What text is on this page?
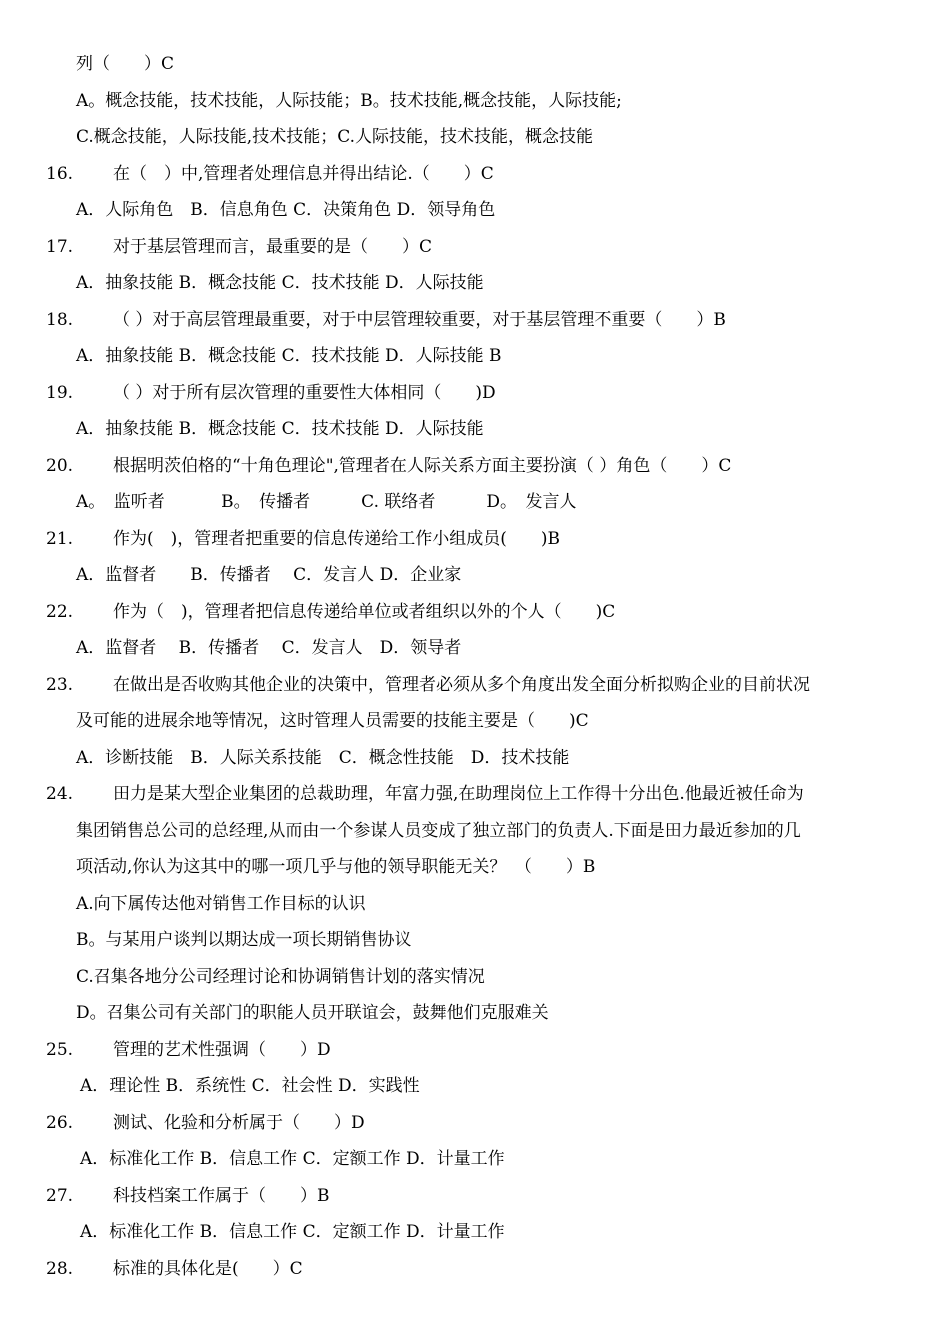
列（　　）C
A。概念技能，技术技能，人际技能；B。技术技能,概念技能，人际技能;
C.概念技能，人际技能,技术技能；C.人际技能，技术技能，概念技能
16. 在（　）中,管理者处理信息并得出结论.（　　）C
A．人际角色　B．信息角色 C．决策角色 D．领导角色
17. 对于基层管理而言，最重要的是（　　）C
A．抽象技能 B．概念技能 C．技术技能 D．人际技能
18. （ ）对于高层管理最重要，对于中层管理较重要，对于基层管理不重要（　　）B
A．抽象技能 B．概念技能 C．技术技能 D．人际技能 B
19. （ ）对于所有层次管理的重要性大体相同（　　)D
A．抽象技能 B．概念技能 C．技术技能 D．人际技能
20. 根据明茨伯格的“十角色理论",管理者在人际关系方面主要扮演（ ）角色（　　）C
A。　监听者　　　 B。　传播者　　　C. 联络者　　　D。　发言人
21. 作为(　)，管理者把重要的信息传递给工作小组成员(　　)B
A．监督者　　B．传播者　 C．发言人 D．企业家
22. 作为（　)，管理者把信息传递给单位或者组织以外的个人（　　)C
A．监督者　 B．传播者　 C．发言人　D．领导者
23. 在做出是否收购其他企业的决策中，管理者必须从多个角度出发全面分析拟购企业的目前状况
及可能的进展余地等情况，这时管理人员需要的技能主要是（　　)C
A．诊断技能　B．人际关系技能　C．概念性技能　D．技术技能
24. 田力是某大型企业集团的总裁助理，年富力强,在助理岗位上工作得十分出色.他最近被任命为
集团销售总公司的总经理,从而由一个参谋人员变成了独立部门的负责人.下面是田力最近参加的几
项活动,你认为这其中的哪一项几乎与他的领导职能无关？　（　　）B
A.向下属传达他对销售工作目标的认识
B。与某用户谈判以期达成一项长期销售协议
C.召集各地分公司经理讨论和协调销售计划的落实情况
D。召集公司有关部门的职能人员开联谊会，鼓舞他们克服难关
25. 管理的艺术性强调（　　）D
A．理论性 B．系统性 C．社会性 D．实践性
26. 测试、化验和分析属于（　　）D
A．标准化工作 B．信息工作 C．定额工作 D．计量工作
27. 科技档案工作属于（　　）B
A．标准化工作 B．信息工作 C．定额工作 D．计量工作
28. 标准的具体化是(　　）C
